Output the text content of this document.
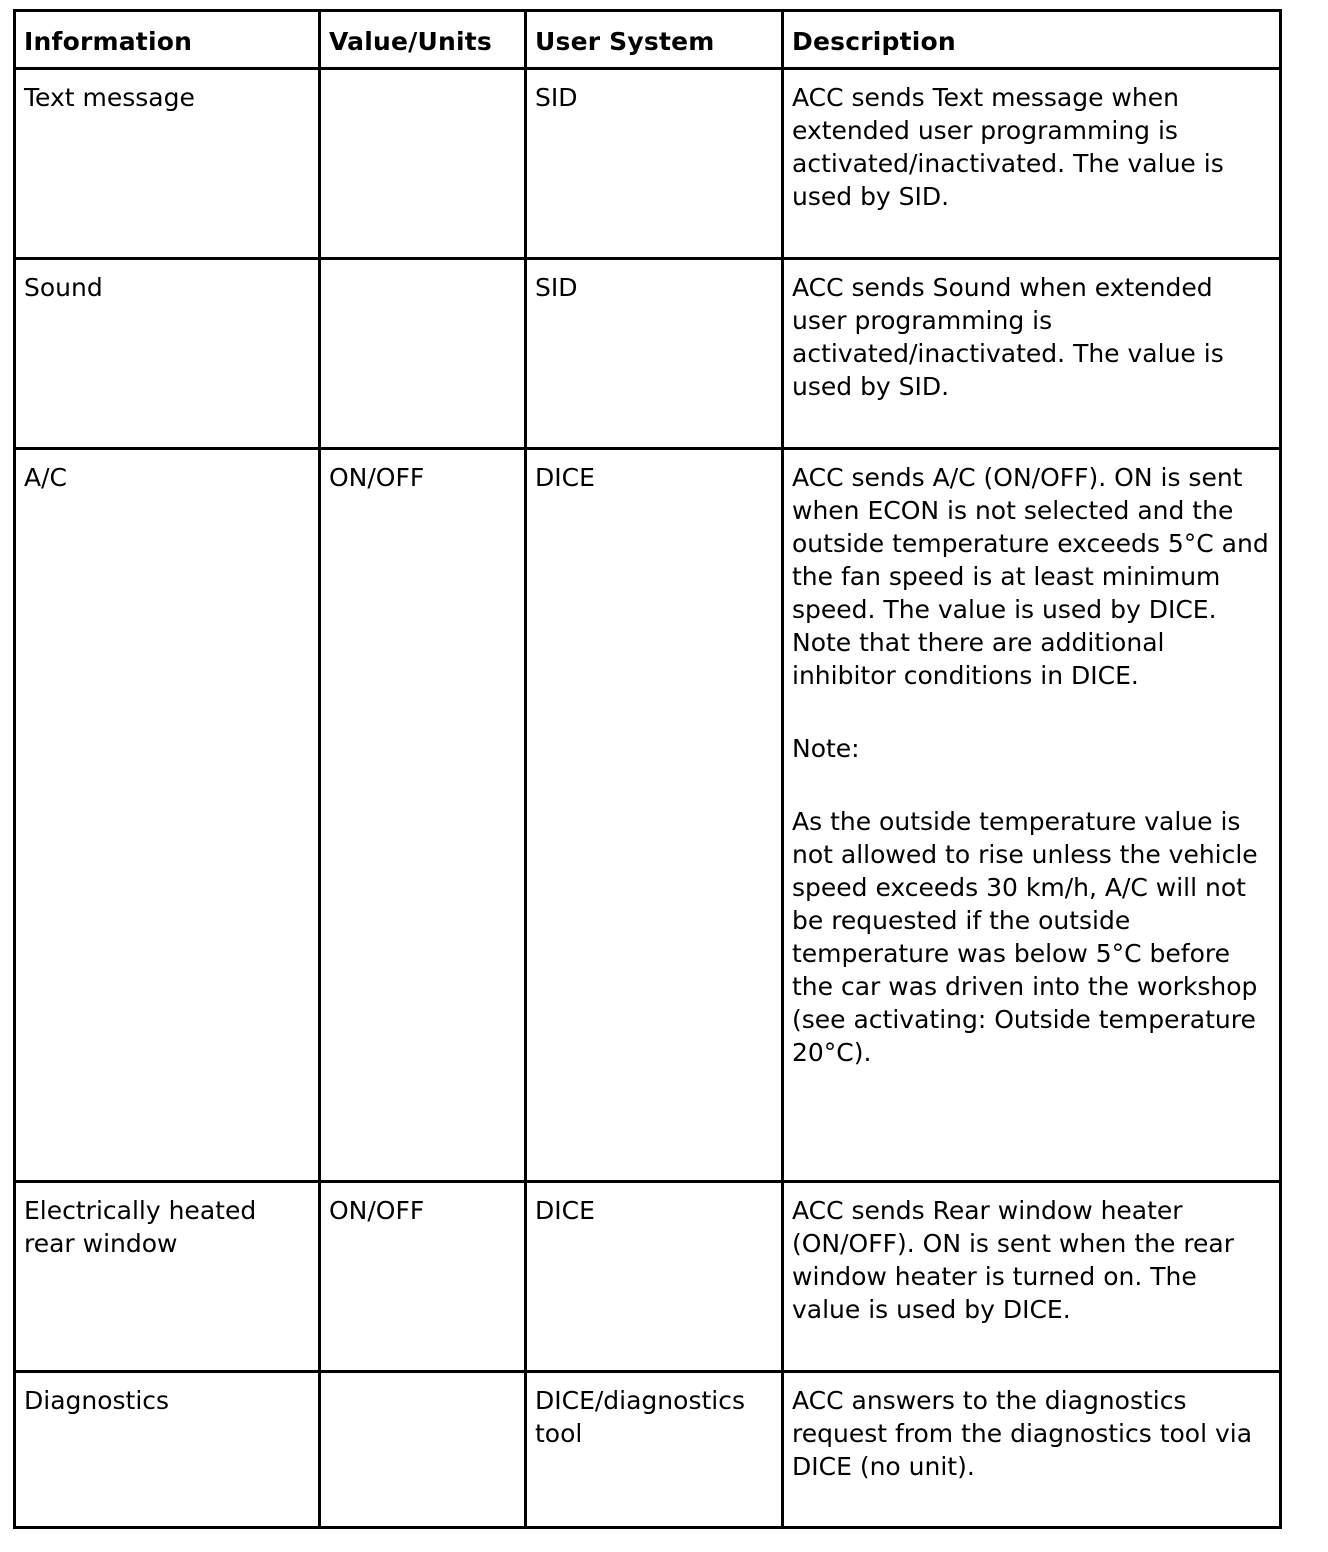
Information	Value/Units	User System	Description
Text message		SID	ACC sends Text message when extended user programming is activated/inactivated. The value is used by SID.

Sound		SID	ACC sends Sound when extended user programming is activated/inactivated. The value is used by SID.

A/C	ON/OFF	DICE	ACC sends A/C (ON/OFF). ON is sent when ECON is not selected and the outside temperature exceeds 5°C and the fan speed is at least minimum speed. The value is used by DICE. Note that there are additional inhibitor conditions in DICE.
Note:
As the outside temperature value is not allowed to rise unless the vehicle speed exceeds 30 km/h, A/C will not be requested if the outside temperature was below 5°C before the car was driven into the workshop (see activating: Outside temperature 20°C).

Electrically heated rear window	ON/OFF	DICE	ACC sends Rear window heater (ON/OFF). ON is sent when the rear window heater is turned on. The value is used by DICE.

Diagnostics		DICE/diagnostics tool	ACC answers to the diagnostics request from the diagnostics tool via DICE (no unit).
